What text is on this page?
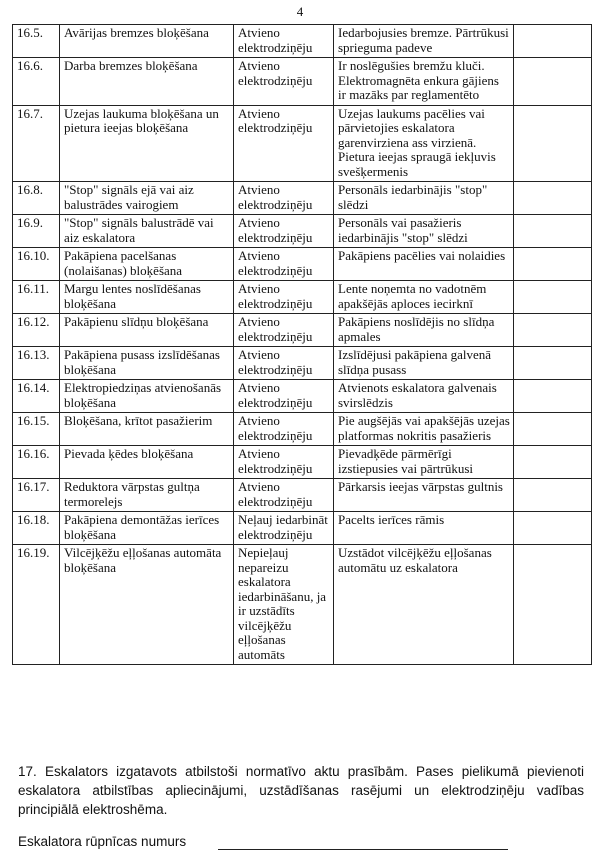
4
16.5.	Avārijas bremzes bloķēšana	Atvieno elektrodziņēju	Iedarbojusies bremze. Pārtrūkusi sprieguma padeve	
16.6.	Darba bremzes bloķēšana	Atvieno elektrodziņēju	Ir noslēgušies bremžu kluči. Elektromagnēta enkura gājiens ir mazāks par reglamentēto	
16.7.	Uzejas laukuma bloķēšana un pietura ieejas bloķēšana	Atvieno elektrodziņēju	Uzejas laukums pacēlies vai pārvietojies eskalatora garenvirziena ass virzienā. Pietura ieejas spraugā iekļuvis svešķermenis	
16.8.	"Stop" signāls ejā vai aiz balustrādes vairogiem	Atvieno elektrodziņēju	Personāls iedarbinājis "stop" slēdzi	
16.9.	"Stop" signāls balustrādē vai aiz eskalatora	Atvieno elektrodziņēju	Personāls vai pasažieris iedarbinājis "stop" slēdzi	
16.10.	Pakāpiena pacelšanas (nolaišanas) bloķēšana	Atvieno elektrodziņēju	Pakāpiens pacēlies vai nolaidies	
16.11.	Margu lentes noslīdēšanas bloķēšana	Atvieno elektrodziņēju	Lente noņemta no vadotnēm apakšējās aploces iecirknī	
16.12.	Pakāpienu slīdņu bloķēšana	Atvieno elektrodziņēju	Pakāpiens noslīdējis no slīdņa apmales	
16.13.	Pakāpiena pusass izslīdēšanas bloķēšana	Atvieno elektrodziņēju	Izslīdējusi pakāpiena galvenā slīdņa pusass	
16.14.	Elektropiedziņas atvienošanās bloķēšana	Atvieno elektrodziņēju	Atvienots eskalatora galvenais svirslēdzis	
16.15.	Bloķēšana, krītot pasažierim	Atvieno elektrodziņēju	Pie augšējās vai apakšējās uzejas platformas nokritis pasažieris	
16.16.	Pievada ķēdes bloķēšana	Atvieno elektrodziņēju	Pievadķēde pārmērīgi izstiepusies vai pārtrūkusi	
16.17.	Reduktora vārpstas gultņa termorelejs	Atvieno elektrodziņēju	Pārkarsis ieejas vārpstas gultnis	
16.18.	Pakāpiena demontāžas ierīces bloķēšana	Neļauj iedarbināt elektrodziņēju	Pacelts ierīces rāmis	
16.19.	Vilcējķēžu eļļošanas automāta bloķēšana	Nepieļauj nepareizu eskalatora iedarbināšanu, ja ir uzstādīts vilcējķēžu eļļošanas automāts	Uzstādot vilcējķēžu eļļošanas automātu uz eskalatora	
17. Eskalators izgatavots atbilstoši normatīvo aktu prasībām. Pases pielikumā pievienoti eskalatora atbilstības apliecinājumi, uzstādīšanas rasējumi un elektrodziņēju vadības principiālā elektroshēma.
Eskalatora rūpnīcas numurs
